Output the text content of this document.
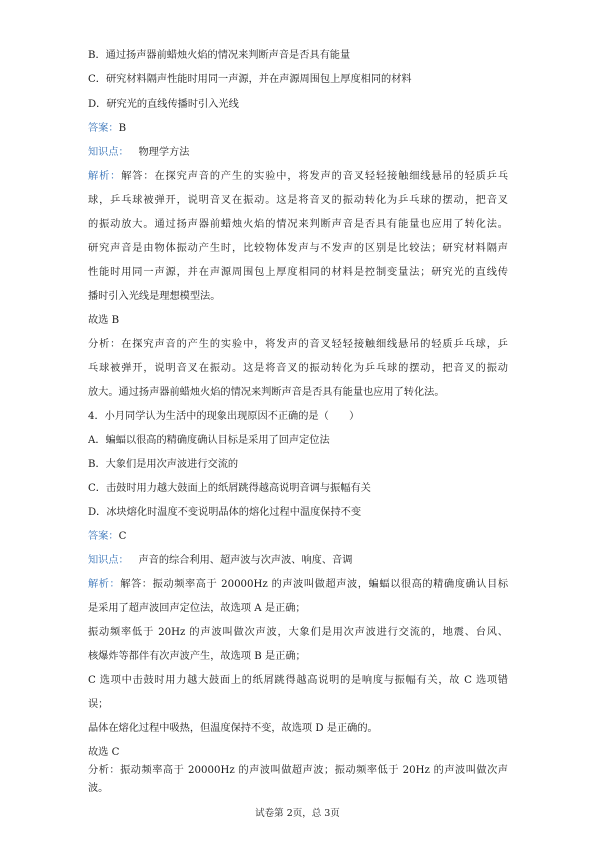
B．通过扬声器前蜡烛火焰的情况来判断声音是否具有能量
C．研究材料隔声性能时用同一声源，并在声源周围包上厚度相同的材料
D．研究光的直线传播时引入光线
答案：B
知识点： 物理学方法
解析：解答：在探究声音的产生的实验中，将发声的音叉轻轻接触细线悬吊的轻质乒乓
球，乒乓球被弹开，说明音叉在振动。这是将音叉的振动转化为乒乓球的摆动，把音叉
的振动放大。通过扬声器前蜡烛火焰的情况来判断声音是否具有能量也应用了转化法。
研究声音是由物体振动产生时，比较物体发声与不发声的区别是比较法；研究材料隔声
性能时用同一声源，并在声源周围包上厚度相同的材料是控制变量法；研究光的直线传
播时引入光线是理想模型法。
故选 B
分析：在探究声音的产生的实验中，将发声的音叉轻轻接触细线悬吊的轻质乒乓球，乒
乓球被弹开，说明音叉在振动。这是将音叉的振动转化为乒乓球的摆动，把音叉的振动
放大。通过扬声器前蜡烛火焰的情况来判断声音是否具有能量也应用了转化法。
4．小月同学认为生活中的现象出现原因不正确的是（　　）
A．蝙蝠以很高的精确度确认目标是采用了回声定位法
B．大象们是用次声波进行交流的
C．击鼓时用力越大鼓面上的纸屑跳得越高说明音调与振幅有关
D．冰块熔化时温度不变说明晶体的熔化过程中温度保持不变
答案：C
知识点： 声音的综合利用、超声波与次声波、响度、音调
解析：解答：振动频率高于 20000Hz 的声波叫做超声波，蝙蝠以很高的精确度确认目标
是采用了超声波回声定位法，故选项 A 是正确；
振动频率低于 20Hz 的声波叫做次声波，大象们是用次声波进行交流的，地震、台风、
核爆炸等都伴有次声波产生，故选项 B 是正确；
C 选项中击鼓时用力越大鼓面上的纸屑跳得越高说明的是响度与振幅有关，故 C 选项错
误；
晶体在熔化过程中吸热，但温度保持不变，故选项 D 是正确的。
故选 C
分析：振动频率高于 20000Hz 的声波叫做超声波；振动频率低于 20Hz 的声波叫做次声
波。
试卷第 2页，总 3页
